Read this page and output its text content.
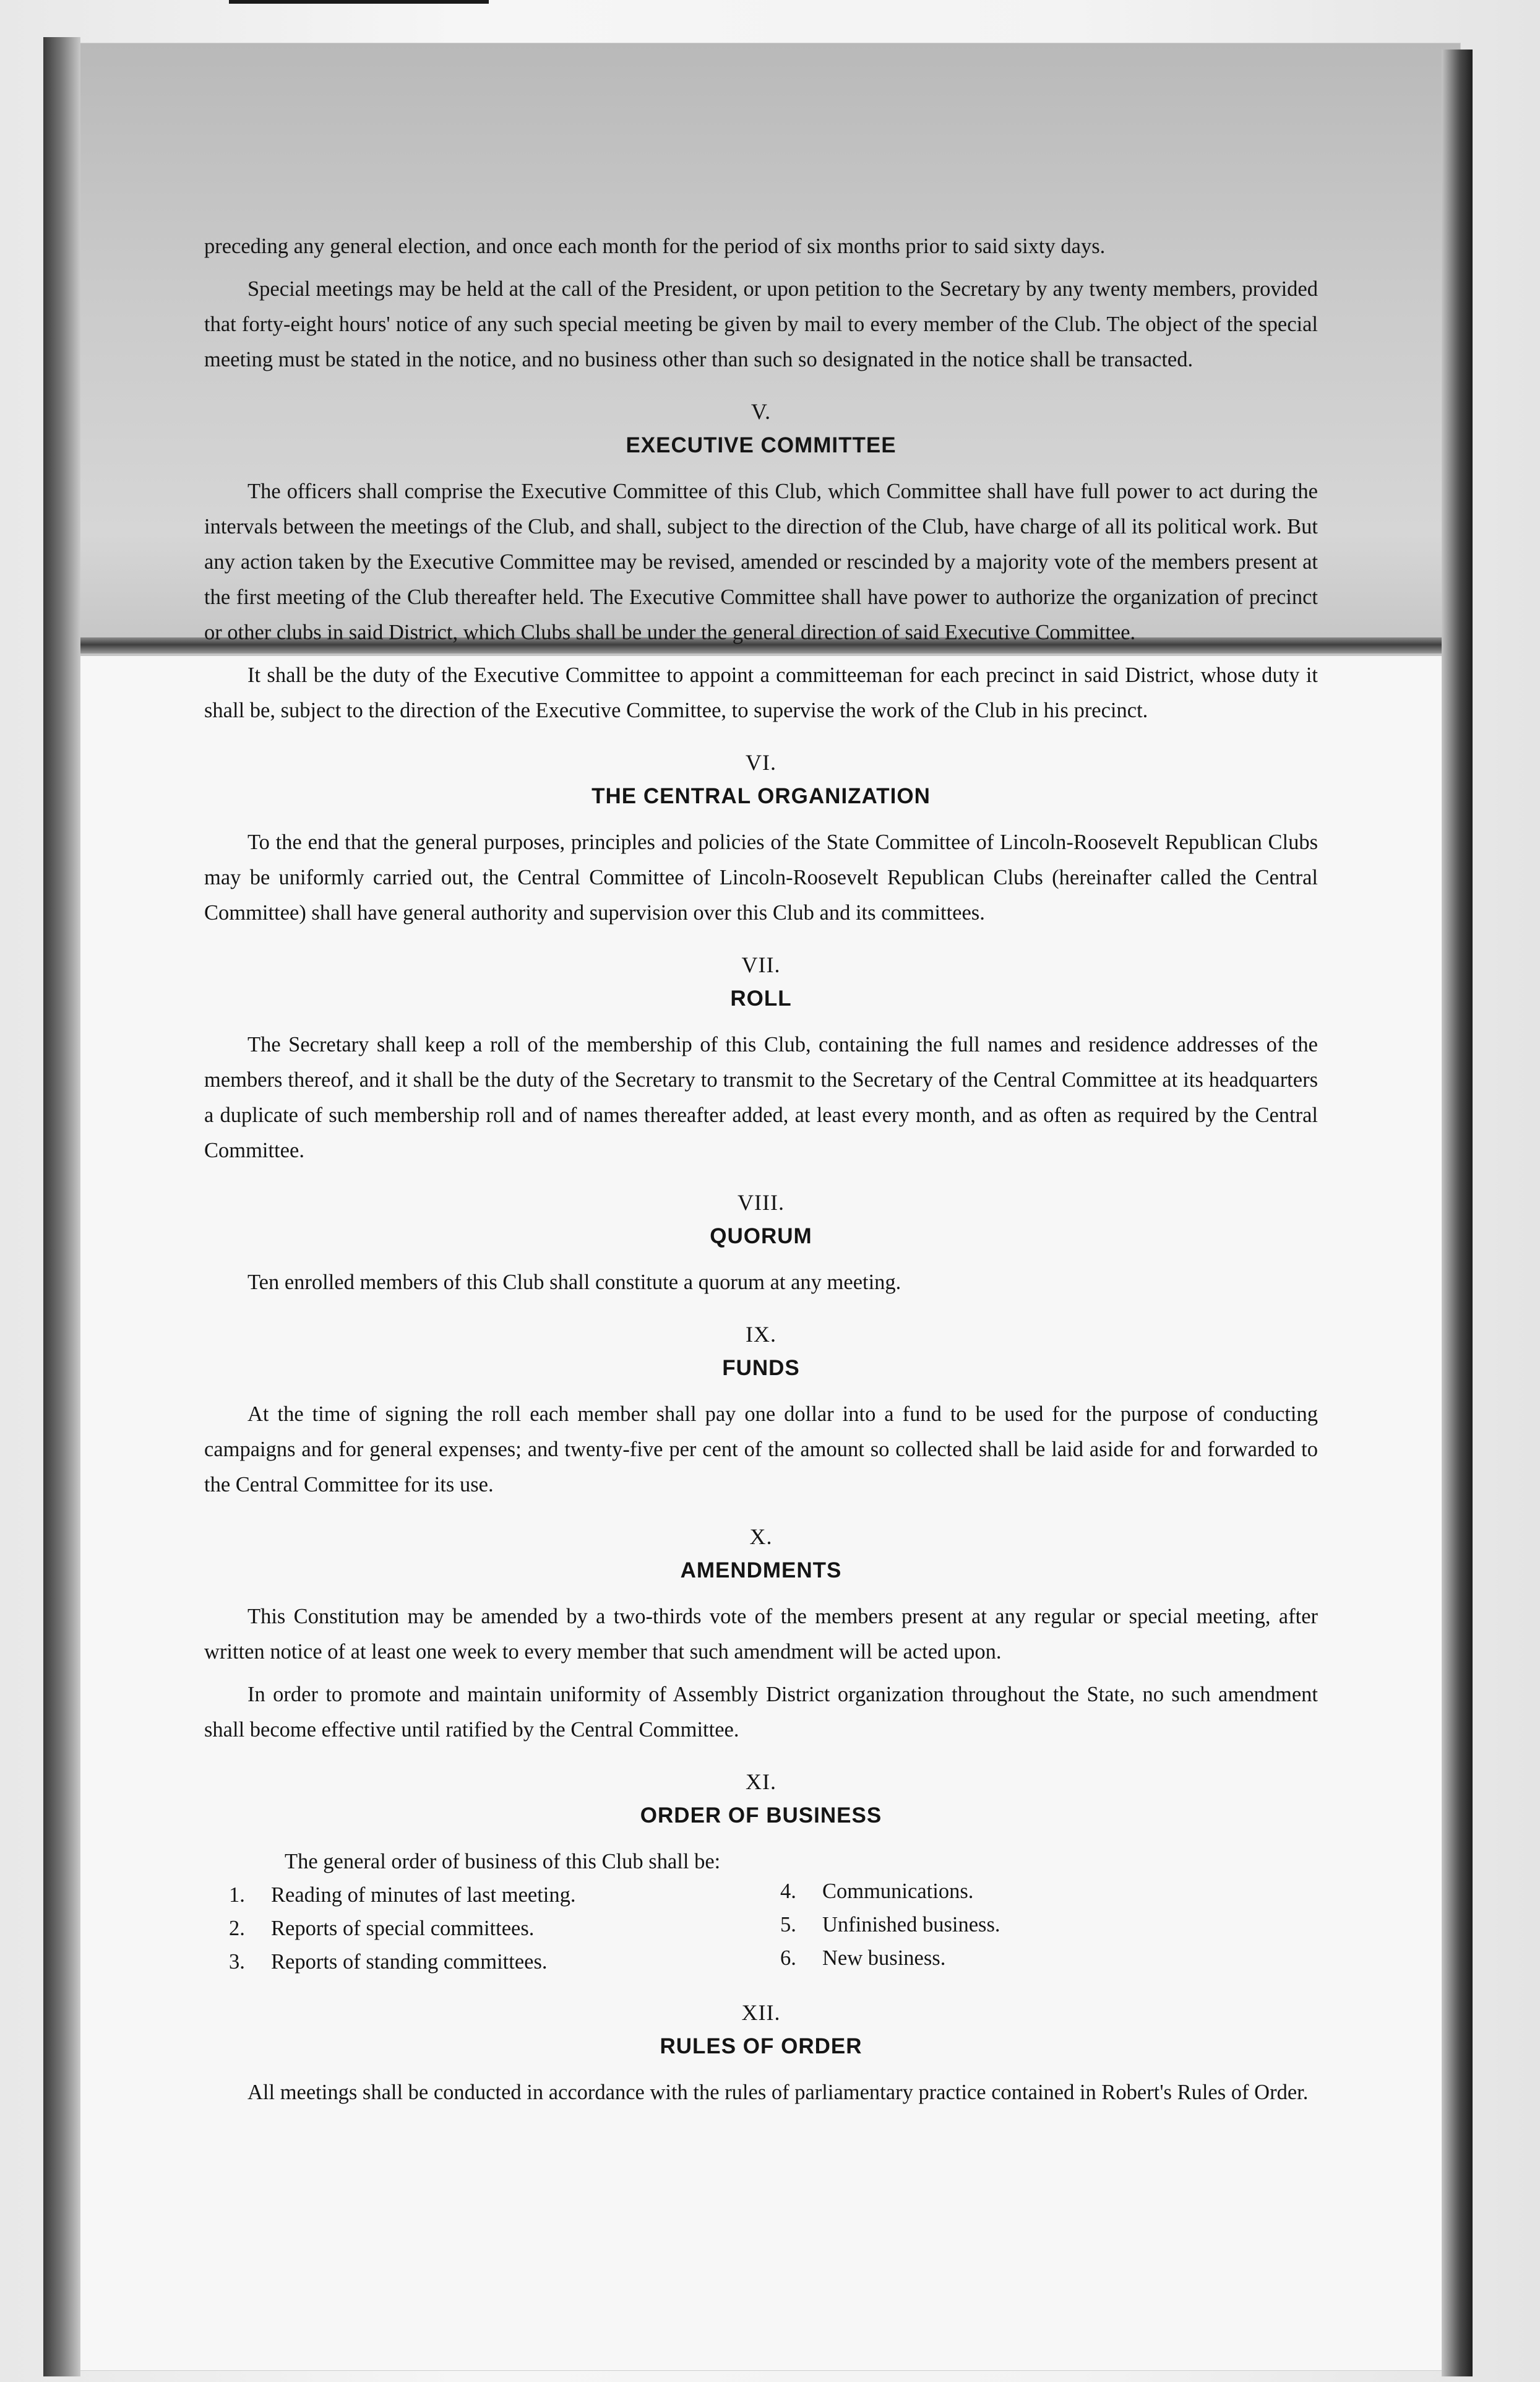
preceding any general election, and once each month for the period of six months prior to said sixty days.

Special meetings may be held at the call of the President, or upon petition to the Secretary by any twenty members, provided that forty-eight hours' notice of any such special meeting be given by mail to every member of the Club. The object of the special meeting must be stated in the notice, and no business other than such so designated in the notice shall be transacted.

V.
EXECUTIVE COMMITTEE

The officers shall comprise the Executive Committee of this Club, which Committee shall have full power to act during the intervals between the meetings of the Club, and shall, subject to the direction of the Club, have charge of all its political work. But any action taken by the Executive Committee may be revised, amended or rescinded by a majority vote of the members present at the first meeting of the Club thereafter held. The Executive Committee shall have power to authorize the organization of precinct or other clubs in said District, which Clubs shall be under the general direction of said Executive Committee.

It shall be the duty of the Executive Committee to appoint a committeeman for each precinct in said District, whose duty it shall be, subject to the direction of the Executive Committee, to supervise the work of the Club in his precinct.

VI.
THE CENTRAL ORGANIZATION

To the end that the general purposes, principles and policies of the State Committee of Lincoln-Roosevelt Republican Clubs may be uniformly carried out, the Central Committee of Lincoln-Roosevelt Republican Clubs (hereinafter called the Central Committee) shall have general authority and supervision over this Club and its committees.

VII.
ROLL

The Secretary shall keep a roll of the membership of this Club, containing the full names and residence addresses of the members thereof, and it shall be the duty of the Secretary to transmit to the Secretary of the Central Committee at its headquarters a duplicate of such membership roll and of names thereafter added, at least every month, and as often as required by the Central Committee.

VIII.
QUORUM

Ten enrolled members of this Club shall constitute a quorum at any meeting.

IX.
FUNDS

At the time of signing the roll each member shall pay one dollar into a fund to be used for the purpose of conducting campaigns and for general expenses; and twenty-five per cent of the amount so collected shall be laid aside for and forwarded to the Central Committee for its use.

X.
AMENDMENTS

This Constitution may be amended by a two-thirds vote of the members present at any regular or special meeting, after written notice of at least one week to every member that such amendment will be acted upon.

In order to promote and maintain uniformity of Assembly District organization throughout the State, no such amendment shall become effective until ratified by the Central Committee.

XI.
ORDER OF BUSINESS
The general order of business of this Club shall be:
1.	Reading of minutes of last meeting.
2.	Reports of special committees.
3.	Reports of standing committees.
4.	Communications.
5.	Unfinished business.
6.	New business.
XII.
RULES OF ORDER

All meetings shall be conducted in accordance with the rules of parliamentary practice contained in Robert's Rules of Order.
